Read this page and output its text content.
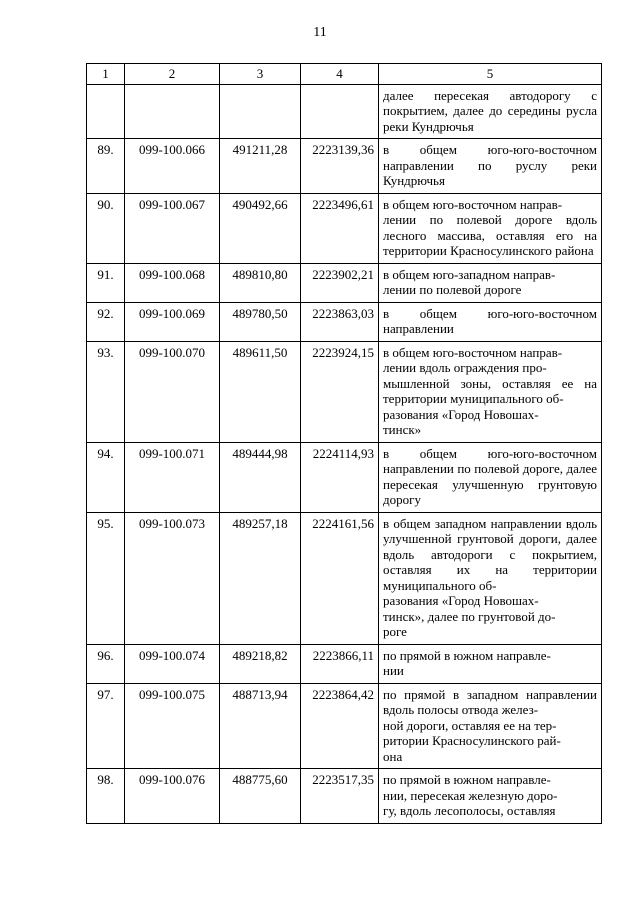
11
1	2	3	4	5
				далее пересекая автодорогу с покрытием, далее до середины русла реки Кундрючья
89.	099-100.066	491211,28	2223139,36	в общем юго-юго-восточном направлении по руслу реки Кундрючья
90.	099-100.067	490492,66	2223496,61	в общем юго-восточном направ-
лении по полевой дороге вдоль лесного массива, оставляя его на территории Красносулинского района
91.	099-100.068	489810,80	2223902,21	в общем юго-западном направ-
лении по полевой дороге
92.	099-100.069	489780,50	2223863,03	в общем юго-юго-восточном направлении
93.	099-100.070	489611,50	2223924,15	в общем юго-восточном направ-
лении вдоль ограждения про-
мышленной зоны, оставляя ее на территории муниципального об-
разования «Город Новошах-
тинск»
94.	099-100.071	489444,98	2224114,93	в общем юго-юго-восточном направлении по полевой дороге, далее пересекая улучшенную грунтовую дорогу
95.	099-100.073	489257,18	2224161,56	в общем западном направлении вдоль улучшенной грунтовой дороги, далее вдоль автодороги с покрытием, оставляя их на территории муниципального об-
разования «Город Новошах-
тинск», далее по грунтовой до-
роге
96.	099-100.074	489218,82	2223866,11	по прямой в южном направле-
нии
97.	099-100.075	488713,94	2223864,42	по прямой в западном направлении вдоль полосы отвода желез-
ной дороги, оставляя ее на тер-
ритории Красносулинского рай-
она
98.	099-100.076	488775,60	2223517,35	по прямой в южном направле-
нии, пересекая железную доро-
гу, вдоль лесополосы, оставляя
